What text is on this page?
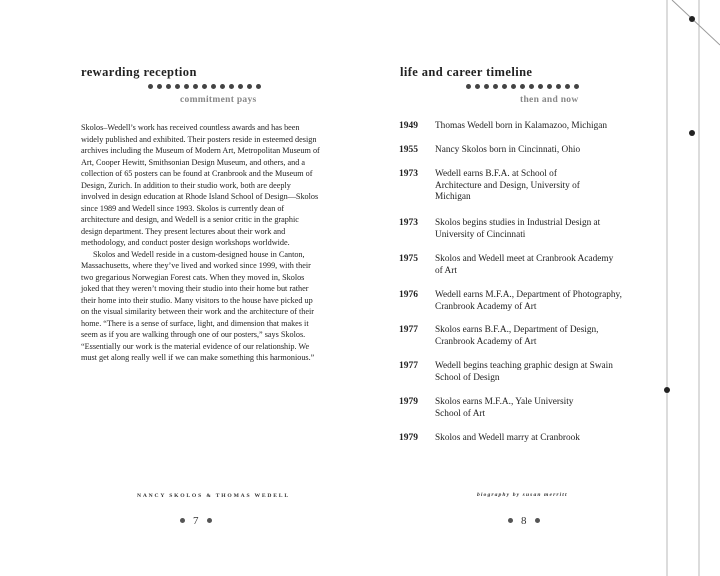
rewarding reception

commitment pays

Skolos–Wedell’s work has received countless awards and has been widely published and exhibited. Their posters reside in esteemed design archives including the Museum of Modern Art, Metropolitan Museum of Art, Cooper Hewitt, Smithsonian Design Museum, and others, and a collection of 65 posters can be found at Cranbrook and the Museum of Design, Zurich. In addition to their studio work, both are deeply involved in design education at Rhode Island School of Design—Skolos since 1989 and Wedell since 1993. Skolos is currently dean of architecture and design, and Wedell is a senior critic in the graphic design department. They present lectures about their work and methodology, and conduct poster design workshops worldwide.

Skolos and Wedell reside in a custom-designed house in Canton, Massachusetts, where they’ve lived and worked since 1999, with their two gregarious Norwegian Forest cats. When they moved in, Skolos joked that they weren’t moving their studio into their home but rather their home into their studio. Many visitors to the house have picked up on the visual similarity between their work and the architecture of their home. “There is a sense of surface, light, and dimension that makes it seem as if you are walking through one of our posters,” says Skolos. “Essentially our work is the material evidence of our relationship. We must get along really well if we can make something this harmonious.”

NANCY SKOLOS & THOMAS WEDELL
7
life and career timeline

then and now

1949 Thomas Wedell born in Kalamazoo, Michigan
1955 Nancy Skolos born in Cincinnati, Ohio
1973 Wedell earns B.F.A. at School of Architecture and Design, University of Michigan
1973 Skolos begins studies in Industrial Design at University of Cincinnati
1975 Skolos and Wedell meet at Cranbrook Academy of Art
1976 Wedell earns M.F.A., Department of Photography, Cranbrook Academy of Art
1977 Skolos earns B.F.A., Department of Design, Cranbrook Academy of Art
1977 Wedell begins teaching graphic design at Swain School of Design
1979 Skolos earns M.F.A., Yale University School of Art
1979 Skolos and Wedell marry at Cranbrook
biography by susan merritt
8
